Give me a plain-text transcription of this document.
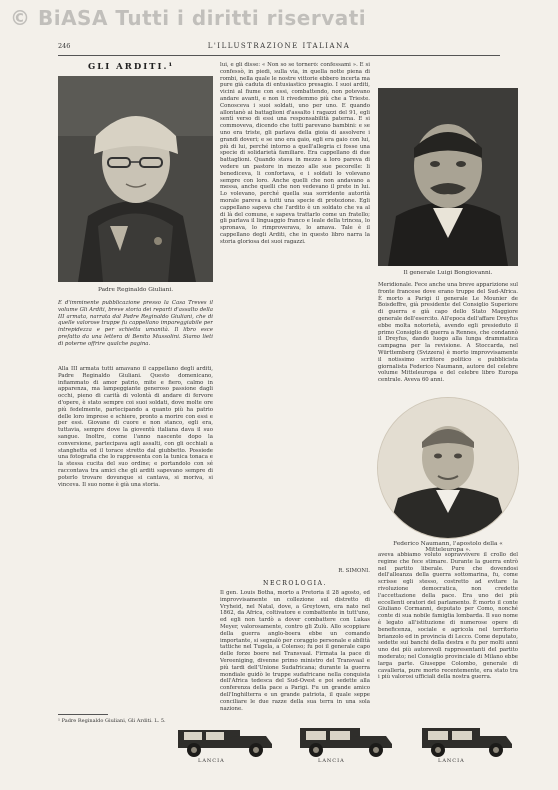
© BiASA Tutti i diritti riservati
246	L'ILLUSTRAZIONE ITALIANA
GLI ARDITI.¹
Padre Reginaldo Giuliani.
È d'imminente pubblicazione presso la Casa Treves il volume Gli Arditi, breve storia dei reparti d'assalto della III armata, narrata dal Padre Reginaldo Giuliani, che di quelle valorose truppe fu cappellano impareggiabile per intrepidezza e per schietta umanità. Il libro esce prefatto da una lettera di Benito Mussolini. Siamo lieti di poterne offrire qualche pagina.
Alla III armata tutti amavano il cappellano degli arditi, Padre Reginaldo Giuliani. Questo domenicano, infiammato di amor patrio, mite e fiero, calmo in apparenza, ma lampeggiante generoso passione dagli occhi, pieno di carità di volontà di andare di fervore d'opere, è stato sempre coi suoi soldati, dove molte ore più fedelmente, partecipando a quanto più ha patrio delle loro imprese e schiere, pronto a morire con essi e per essi. Giovane di cuore e non stanco, egli era, tuttavia, sempre dove la gioventù italiana dava il suo sangue. Inoltre, come l'anno nascente dopo la conversione, partecipava agli assalti, con gli occhiali a stanghetta ed il torace stretto dal giubbetto. Possiede una fotografia che lo rappresenta con la tunica tonaca e la stessa cucita del suo ordine; e portandolo con sé raccontava tra amici che gli arditi sapevano sempre di poterlo trovare dovunque si cantava, si moriva, si vinceva. Il suo nome è già una storia.
lui, e gli disse: « Non so se tornerò: confessami ». E si confessò, in piedi, sulla via, in quella notte piena di rombi, nella quale le nostre vittorie ebbero incerta ma pure già caduta di entusiastico presagio. I suoi arditi, vicini al fiume con essi, combattendo, non potevano andare avanti, e non li rivedemmo più che a Trieste. Conosceva i suoi soldati, uno per uno. E quando allontanò ai battaglioni d'assalto i ragazzi del 91, egli sentì verso di essi una responsabilità paterna. E si commoveva, dicendo che tutti parevano bambini: e se uno era triste, gli parlava della gioia di assolvere i grandi doveri; e se uno era gaio, egli era gaio con lui, più di lui, perché intorno a quell'allegria ci fosse una specie di solidarietà familiare. Era cappellano di due battaglioni. Quando stava in mezzo a loro pareva di vedere un pastore in mezzo alle sue pecorelle: li benediceva, li confortava, e i soldati lo volevano sempre con loro. Anche quelli che non andavano a messa, anche quelli che non vedevano il prete in lui. Lo volevano, perché quella sua sorridente autorità morale pareva a tutti una specie di protezione. Egli cappellano sapeva che l'ardito è un soldato che va al di là del comune, e sapeva trattarlo come un fratello; gli parlava il linguaggio franco e leale della trincea, lo spronava, lo rimproverava, lo amava. Tale è il cappellano degli Arditi, che in questo libro narra la storia gloriosa dei suoi ragazzi.
R. SIMONI.
NECROLOGIA.
Il gen. Louis Botha, morto a Pretoria il 28 agosto, ed improvvisamente un collezione sul distretto di Vryheid, nel Natal, dove, a Greytown, era nato nel 1862, da Africa, coltivatore e combattente in tutt'uno, ed egli non tardò a dover combattere con Lukas Meyer, valorosamente, contro gli Zulù. Allo scoppiare della guerra anglo-boera ebbe un comando importante, si segnalò per coraggio personale e abilità tattiche nel Tugela, a Colenso; fu poi il generale capo delle forze boere nel Transvaal. Firmata la pace di Vereeniging, divenne primo ministro del Transvaal e più tardi dell'Unione Sudafricana; durante la guerra mondiale guidò le truppe sudafricane nella conquista dell'Africa tedesca del Sud-Ovest e poi sedette alla conferenza della pace a Parigi. Fu un grande amico dell'Inghilterra e un grande patriota, il quale seppe conciliare le due razze della sua terra in una sola nazione.
Il generale Luigi Bongiovanni.
Meridionale. Fece anche una breve apparizione sul fronte francese dove erano truppe del Sud-Africa. È morto a Parigi il generale Le Mounier de Boisdeffre, già presidente del Consiglio Superiore di guerra e già capo dello Stato Maggiore generale dell'esercito. All'epoca dell'affare Dreyfus ebbe molta notorietà, avendo egli presieduto il primo Consiglio di guerra a Rennes, che condannò il Dreyfus, dando luogo alla lunga drammatica campagna per la revisione. A Stoccarda, nel Württemberg (Svizzera) è morto improvvisamente il notissimo scrittore politico e pubblicista giornalista Federico Naumann, autore del celebre volume Mitteleuropa e del celebre libro Europa centrale. Aveva 60 anni.
Federico Naumann, l'apostolo della « Mitteleuropa ».
aveva abbiamo voluto sopravvivere il crollo del regime che fece stimare. Durante la guerra entrò nel partito liberale. Pure che dovendosi dell'alleanza della guerra sottomarina, fu, come scrisse egli stesso, costretto ad evitare la rivoluzione democratica, non credette l'accettazione della pace. Era uno dei più eccellenti oratori del parlamento. È morto il conte Giuliano Cormanni, deputato per Como, nonché conte di sua nobile famiglia lombarda. Il suo nome è legato all'istituzione di numerose opere di beneficenza, sociale e agricola nel territorio brianzolo ed in provincia di Lecco. Come deputato, sedette sui banchi della destra e fu per molti anni uno dei più autorevoli rappresentanti del partito moderato; nel Consiglio provinciale di Milano ebbe larga parte. Giuseppe Colombo, generale di cavalleria, pure morto recentemente, era stato tra i più valorosi ufficiali della nostra guerra.
¹ Padre Reginaldo Giuliani, Gli Arditi. L. 5.
LANCIA	LANCIA	LANCIA
